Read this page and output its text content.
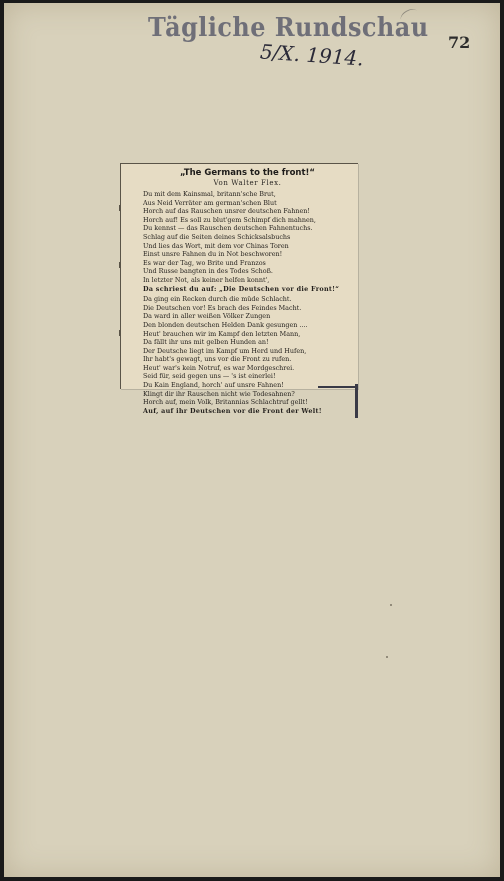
Tägliche Rundschau
5/X. 1914.	72
„The Germans to the front!“
Von Walter Flex.
Du mit dem Kainsmal, britann'sche Brut,
Aus Neid Verräter am german'schen Blut
Horch auf das Rauschen unsrer deutschen Fahnen!
Horch auf! Es soll zu blut'gem Schimpf dich mahnen,
Du kennst — das Rauschen deutschen Fahnentuchs.
Schlag auf die Seiten deines Schicksalsbuchs
Und lies das Wort, mit dem vor Chinas Toren
Einst unsre Fahnen du in Not beschworen!
Es war der Tag, wo Brite und Franzos
Und Russe bangten in des Todes Schoß.
In letzter Not, als keiner helfen konnt',
Da schriest du auf: „Die Deutschen vor die Front!“
Da ging ein Recken durch die müde Schlacht.
Die Deutschen vor! Es brach des Feindes Macht.
Da ward in aller weißen Völker Zungen
Den blonden deutschen Helden Dank gesungen ....
Heut' brauchen wir im Kampf den letzten Mann,
Da fällt ihr uns mit gelben Hunden an!
Der Deutsche liegt im Kampf um Herd und Hufen,
Ihr habt's gewagt, uns vor die Front zu rufen.
Heut' war's kein Notruf, es war Mordgeschrei.
Seid für, seid gegen uns — 's ist einerlei!
Du Kain England, horch' auf unsre Fahnen!
Klingt dir ihr Rauschen nicht wie Todesahnen?
Horch auf, mein Volk, Britannias Schlachtruf gellt!
Auf, auf ihr Deutschen vor die Front der Welt!
